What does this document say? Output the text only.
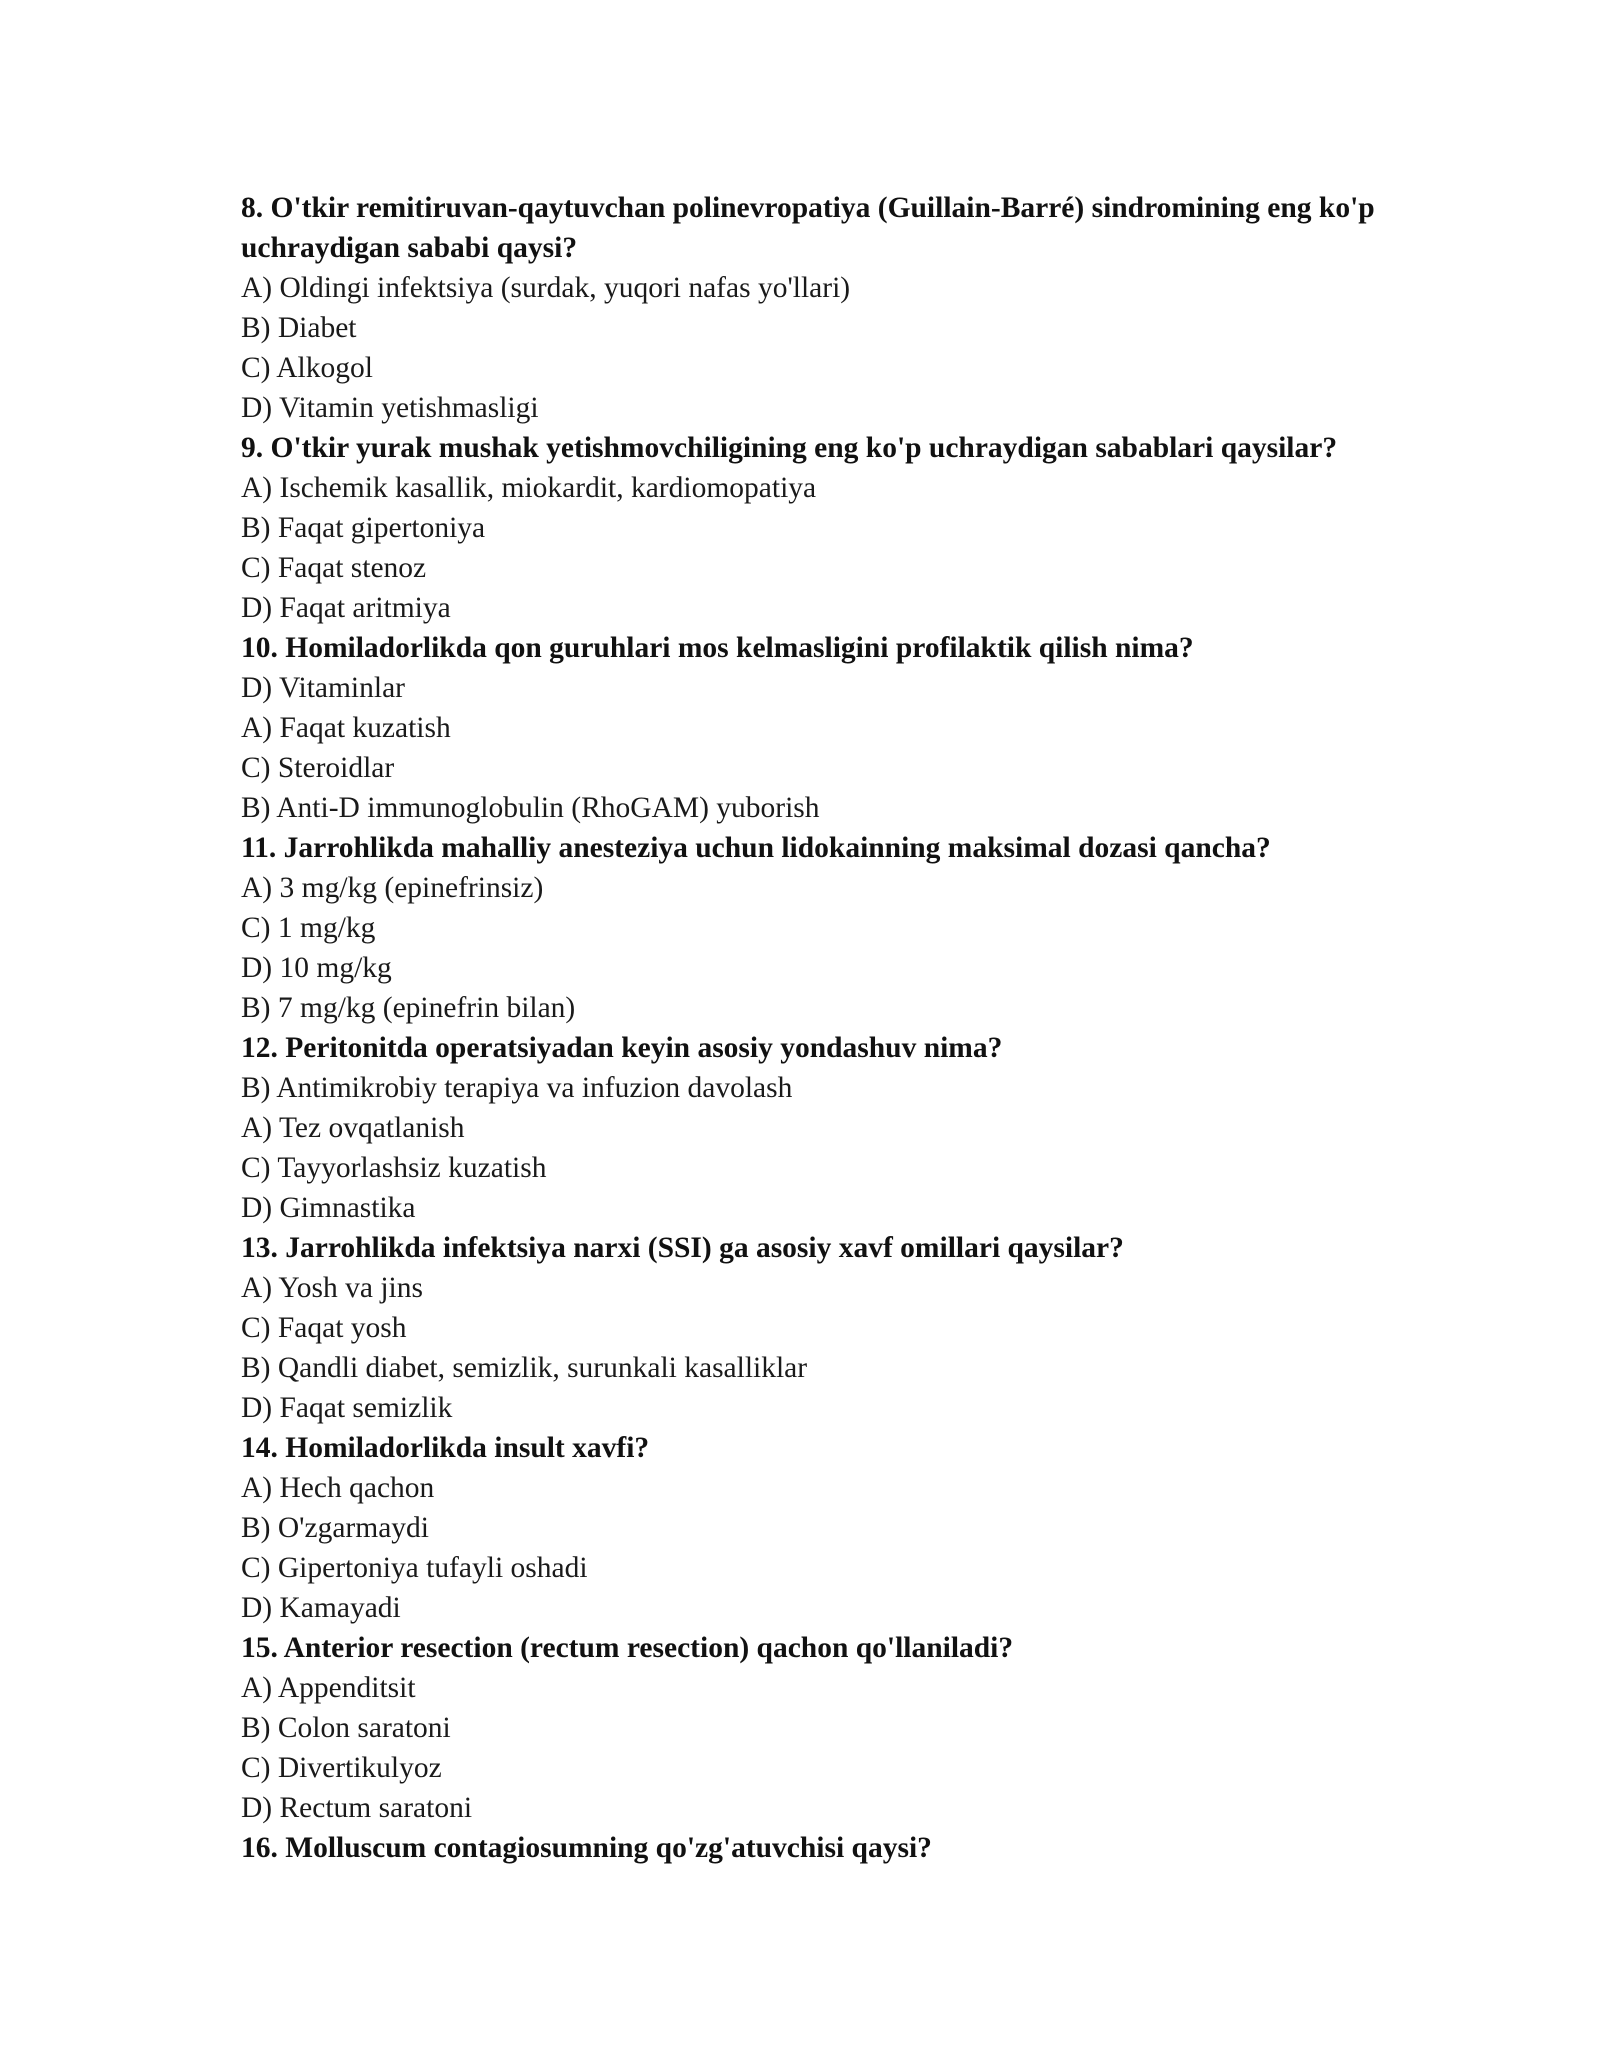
8. O'tkir remitiruvan-qaytuvchan polinevropatiya (Guillain-Barré) sindromining eng ko'p uchraydigan sababi qaysi?

A) Oldingi infektsiya (surdak, yuqori nafas yo'llari)

B) Diabet

C) Alkogol

D) Vitamin yetishmasligi

9. O'tkir yurak mushak yetishmovchiligining eng ko'p uchraydigan sabablari qaysilar?

A) Ischemik kasallik, miokardit, kardiomopatiya

B) Faqat gipertoniya

C) Faqat stenoz

D) Faqat aritmiya

10. Homiladorlikda qon guruhlari mos kelmasligini profilaktik qilish nima?

D) Vitaminlar

A) Faqat kuzatish

C) Steroidlar

B) Anti-D immunoglobulin (RhoGAM) yuborish

11. Jarrohlikda mahalliy anesteziya uchun lidokainning maksimal dozasi qancha?

A) 3 mg/kg (epinefrinsiz)

C) 1 mg/kg

D) 10 mg/kg

B) 7 mg/kg (epinefrin bilan)

12. Peritonitda operatsiyadan keyin asosiy yondashuv nima?

B) Antimikrobiy terapiya va infuzion davolash

A) Tez ovqatlanish

C) Tayyorlashsiz kuzatish

D) Gimnastika

13. Jarrohlikda infektsiya narxi (SSI) ga asosiy xavf omillari qaysilar?

A) Yosh va jins

C) Faqat yosh

B) Qandli diabet, semizlik, surunkali kasalliklar

D) Faqat semizlik

14. Homiladorlikda insult xavfi?

A) Hech qachon

B) O'zgarmaydi

C) Gipertoniya tufayli oshadi

D) Kamayadi

15. Anterior resection (rectum resection) qachon qo'llaniladi?

A) Appenditsit

B) Colon saratoni

C) Divertikulyoz

D) Rectum saratoni

16. Molluscum contagiosumning qo'zg'atuvchisi qaysi?
